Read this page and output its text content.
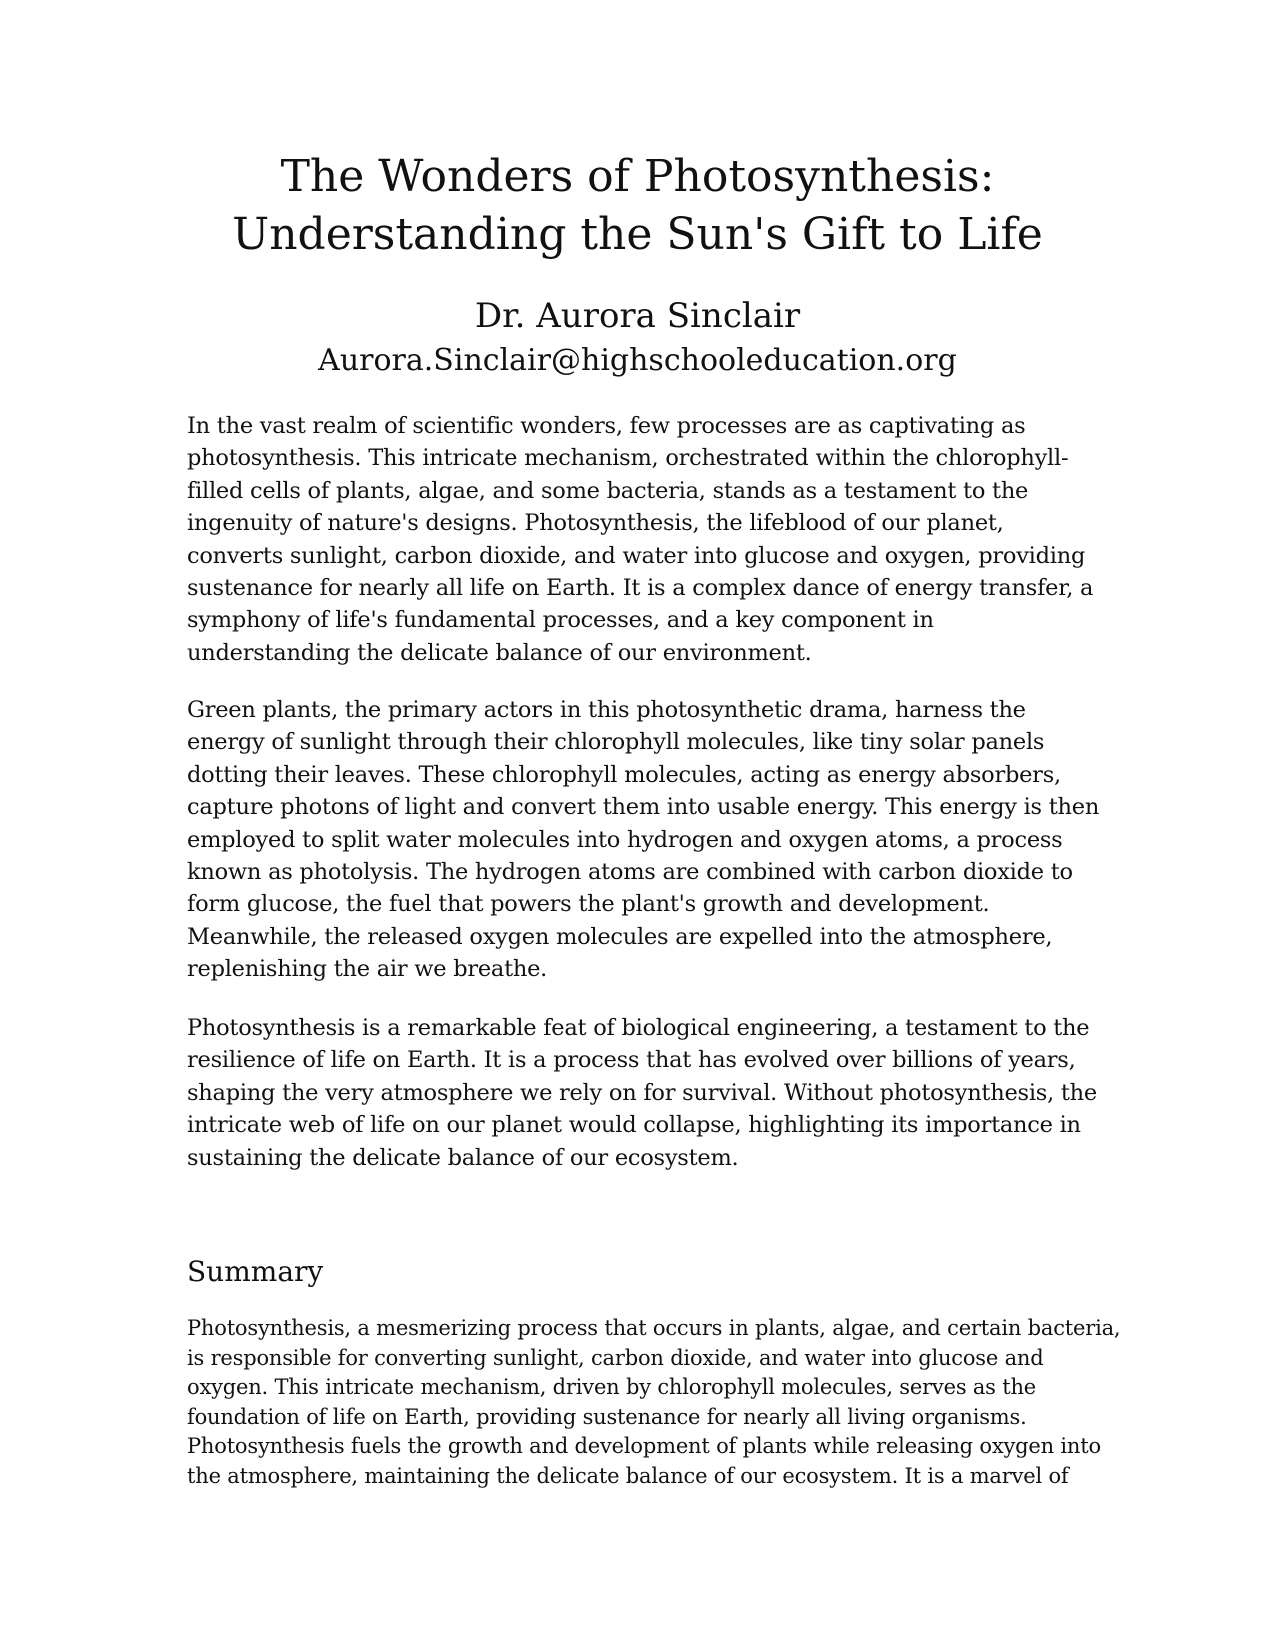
The Wonders of Photosynthesis:
Understanding the Sun's Gift to Life
Dr. Aurora Sinclair

Aurora.Sinclair@highschooleducation.org

In the vast realm of scientific wonders, few processes are as captivating as
photosynthesis. This intricate mechanism, orchestrated within the chlorophyll-
filled cells of plants, algae, and some bacteria, stands as a testament to the
ingenuity of nature's designs. Photosynthesis, the lifeblood of our planet,
converts sunlight, carbon dioxide, and water into glucose and oxygen, providing
sustenance for nearly all life on Earth. It is a complex dance of energy transfer, a
symphony of life's fundamental processes, and a key component in
understanding the delicate balance of our environment.

Green plants, the primary actors in this photosynthetic drama, harness the
energy of sunlight through their chlorophyll molecules, like tiny solar panels
dotting their leaves. These chlorophyll molecules, acting as energy absorbers,
capture photons of light and convert them into usable energy. This energy is then
employed to split water molecules into hydrogen and oxygen atoms, a process
known as photolysis. The hydrogen atoms are combined with carbon dioxide to
form glucose, the fuel that powers the plant's growth and development.
Meanwhile, the released oxygen molecules are expelled into the atmosphere,
replenishing the air we breathe.

Photosynthesis is a remarkable feat of biological engineering, a testament to the
resilience of life on Earth. It is a process that has evolved over billions of years,
shaping the very atmosphere we rely on for survival. Without photosynthesis, the
intricate web of life on our planet would collapse, highlighting its importance in
sustaining the delicate balance of our ecosystem.

Summary

Photosynthesis, a mesmerizing process that occurs in plants, algae, and certain bacteria,
is responsible for converting sunlight, carbon dioxide, and water into glucose and
oxygen. This intricate mechanism, driven by chlorophyll molecules, serves as the
foundation of life on Earth, providing sustenance for nearly all living organisms.
Photosynthesis fuels the growth and development of plants while releasing oxygen into
the atmosphere, maintaining the delicate balance of our ecosystem. It is a marvel of
